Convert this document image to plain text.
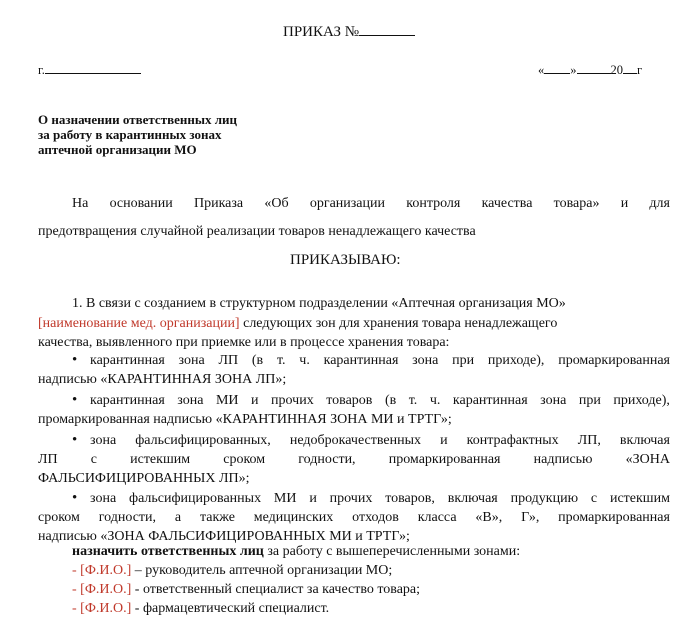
ПРИКАЗ №
г.	« »	20 г
О назначении ответственных лиц
за работу в карантинных зонах
аптечной организации МО
На основании Приказа «Об организации контроля качества товара» и для
предотвращения случайной реализации товаров ненадлежащего качества
ПРИКАЗЫВАЮ:
1. В связи с созданием в структурном подразделении «Аптечная организация МО»
[наименование мед. организации] следующих зон для хранения товара ненадлежащего
качества, выявленного при приемке или в процессе хранения товара:
карантинная зона ЛП (в т. ч. карантинная зона при приходе), промаркированная
•
надписью «КАРАНТИННАЯ ЗОНА ЛП»;
карантинная зона МИ и прочих товаров (в т. ч. карантинная зона при приходе),
•
промаркированная надписью «КАРАНТИННАЯ ЗОНА МИ и ТРТГ»;
зона фальсифицированных, недоброкачественных и контрафактных ЛП, включая
•
ЛП с истекшим сроком годности, промаркированная надписью «ЗОНА
ФАЛЬСИФИЦИРОВАННЫХ ЛП»;
зона фальсифицированных МИ и прочих товаров, включая продукцию с истекшим
•
сроком годности, а также медицинских отходов класса «В», Г», промаркированная
надписью «ЗОНА ФАЛЬСИФИЦИРОВАННЫХ МИ и ТРТГ»;
назначить ответственных лиц за работу с вышеперечисленными зонами:
- [Ф.И.О.] – руководитель аптечной организации МО;
- [Ф.И.О.] - ответственный специалист за качество товара;
- [Ф.И.О.] - фармацевтический специалист.
